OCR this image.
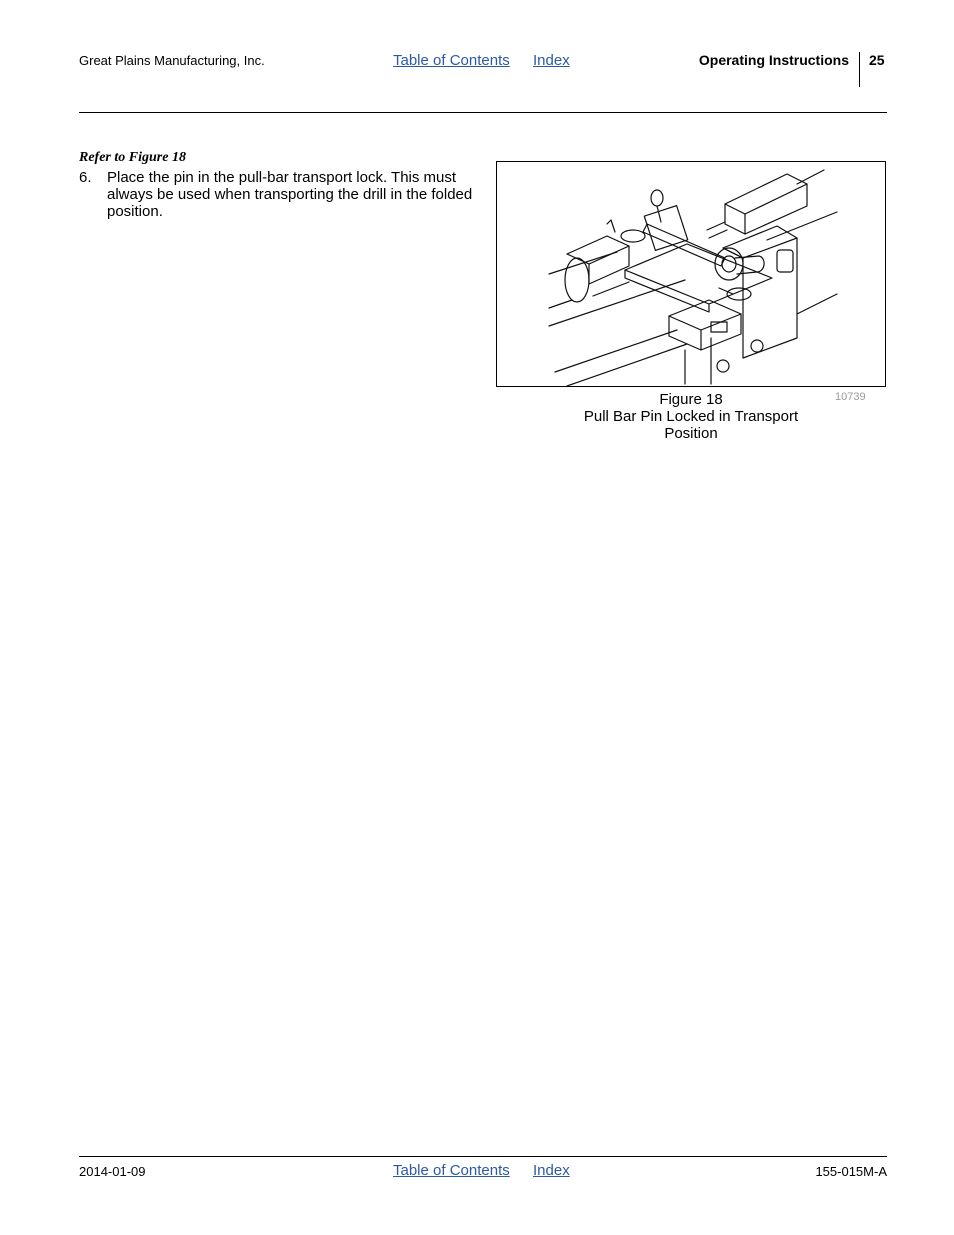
Great Plains Manufacturing, Inc.	Table of Contents Index	Operating Instructions 25
Refer to Figure 18
6. Place the pin in the pull-bar transport lock. This must always be used when transporting the drill in the folded position.
Figure 18
Pull Bar Pin Locked in Transport
Position
10739
2014-01-09	Table of Contents Index	155-015M-A
